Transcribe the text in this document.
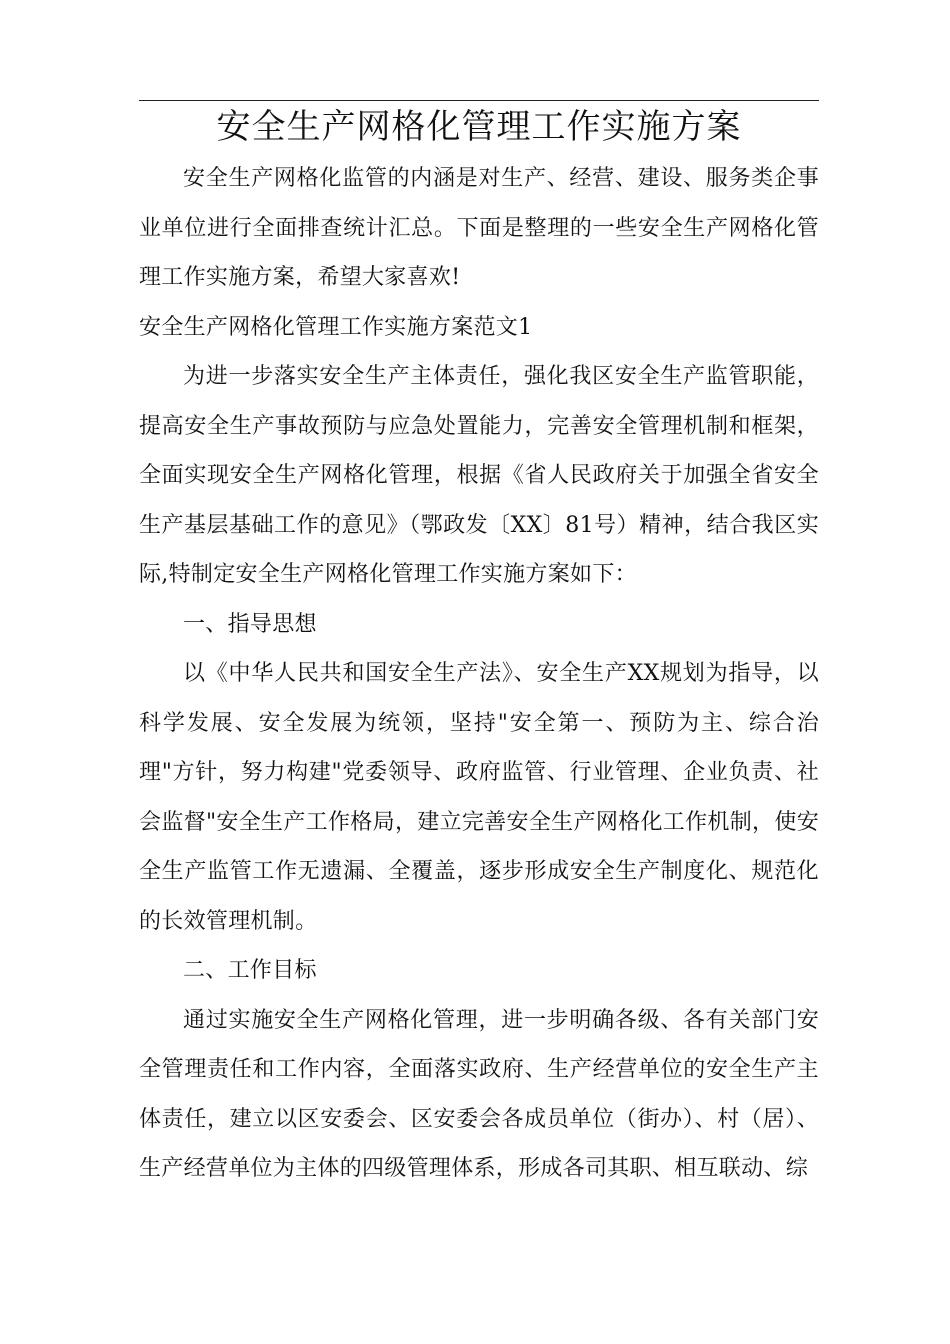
安全生产网格化管理工作实施方案

安全生产网格化监管的内涵是对生产、经营、建设、服务类企事业单位进行全面排查统计汇总。下面是整理的一些安全生产网格化管理工作实施方案，希望大家喜欢!

安全生产网格化管理工作实施方案范文1

为进一步落实安全生产主体责任，强化我区安全生产监管职能，提高安全生产事故预防与应急处置能力，完善安全管理机制和框架，全面实现安全生产网格化管理，根据《省人民政府关于加强全省安全生产基层基础工作的意见》（鄂政发〔XX〕81号）精神，结合我区实际,特制定安全生产网格化管理工作实施方案如下：

一、指导思想

以《中华人民共和国安全生产法》、安全生产XX规划为指导，以科学发展、安全发展为统领，坚持"安全第一、预防为主、综合治理"方针，努力构建"党委领导、政府监管、行业管理、企业负责、社会监督"安全生产工作格局，建立完善安全生产网格化工作机制，使安全生产监管工作无遗漏、全覆盖，逐步形成安全生产制度化、规范化的长效管理机制。

二、工作目标

通过实施安全生产网格化管理，进一步明确各级、各有关部门安全管理责任和工作内容，全面落实政府、生产经营单位的安全生产主体责任，建立以区安委会、区安委会各成员单位（街办）、村（居）、生产经营单位为主体的四级管理体系，形成各司其职、相互联动、综
